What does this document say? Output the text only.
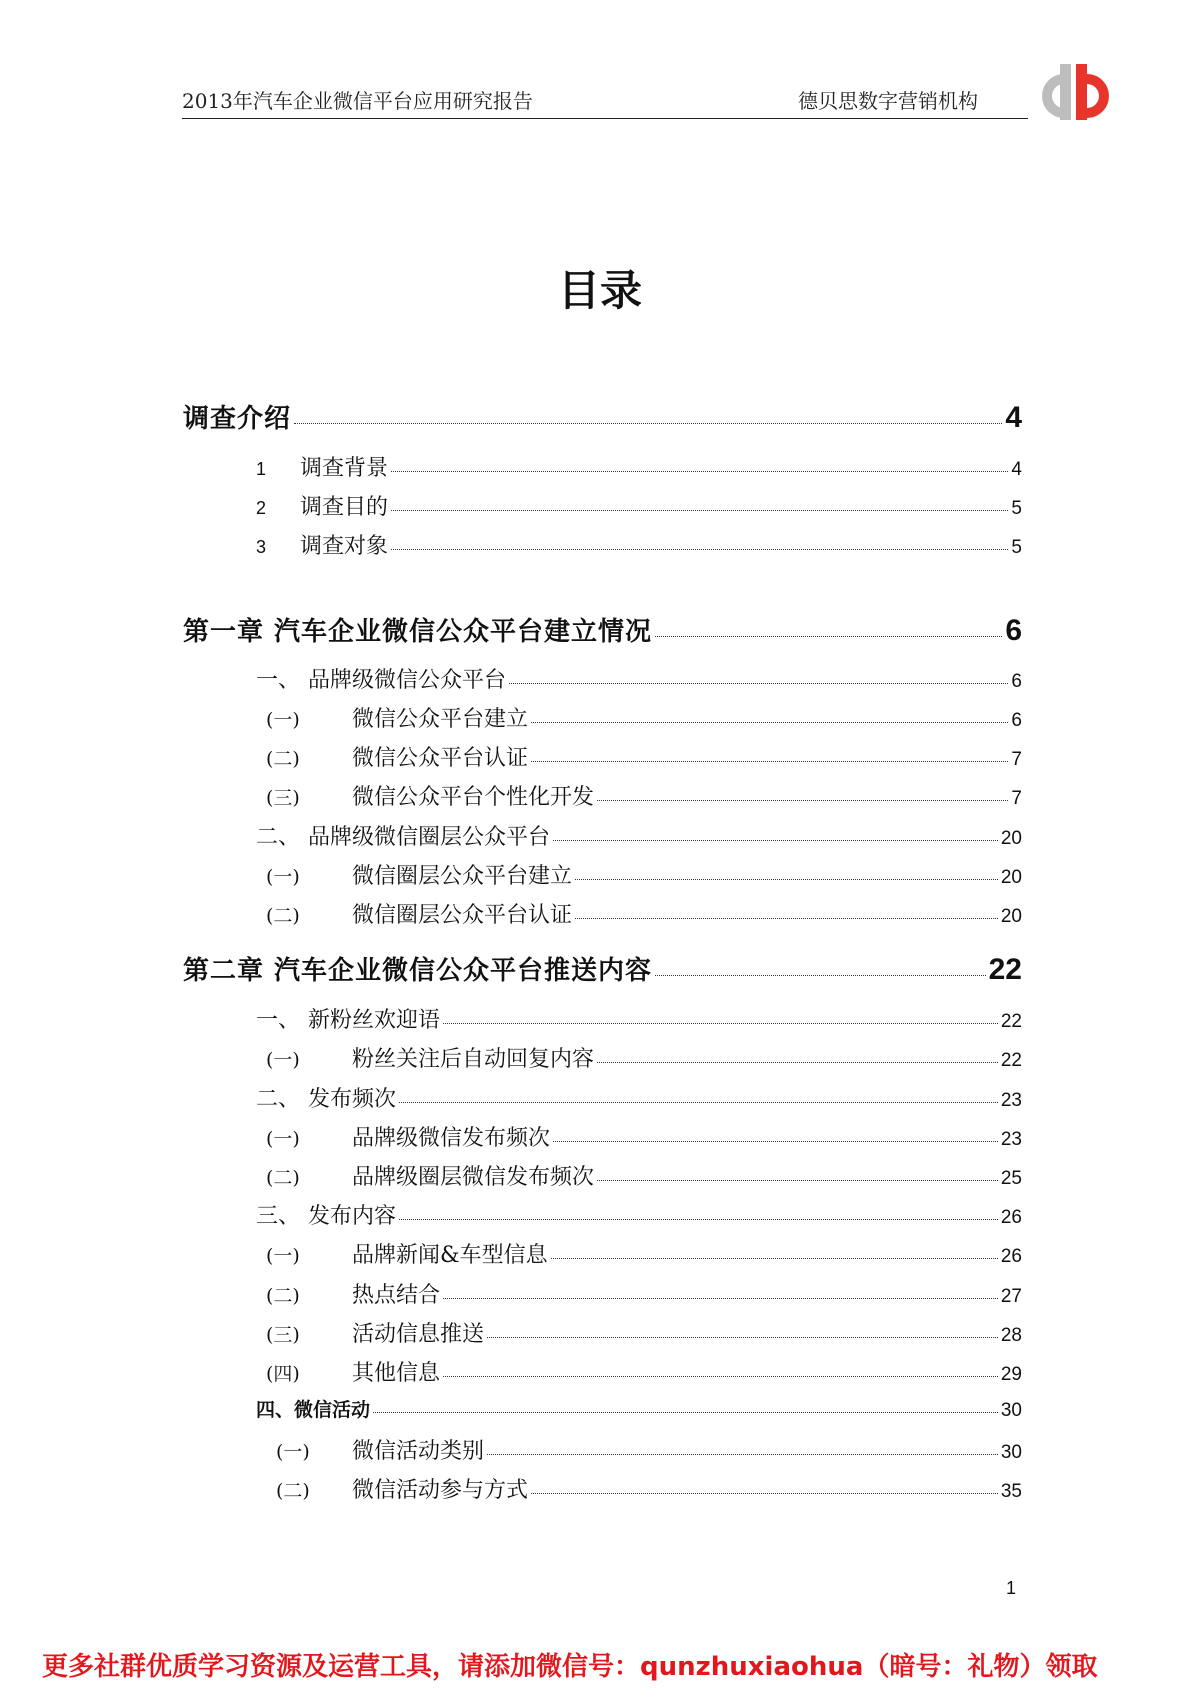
2013年汽车企业微信平台应用研究报告	德贝思数字营销机构
目录
调查介绍	4
1	调查背景	4
2	调查目的	5
3	调查对象	5
第一章 汽车企业微信公众平台建立情况	6
一、 品牌级微信公众平台	6
(一)	微信公众平台建立	6
(二)	微信公众平台认证	7
(三)	微信公众平台个性化开发	7
二、 品牌级微信圈层公众平台	20
(一)	微信圈层公众平台建立	20
(二)	微信圈层公众平台认证	20
第二章 汽车企业微信公众平台推送内容	22
一、 新粉丝欢迎语	22
(一)	粉丝关注后自动回复内容	22
二、 发布频次	23
(一)	品牌级微信发布频次	23
(二)	品牌级圈层微信发布频次	25
三、 发布内容	26
(一)	品牌新闻&车型信息	26
(二)	热点结合	27
(三)	活动信息推送	28
(四)	其他信息	29
四、微信活动	30
(一)	微信活动类别	30
(二)	微信活动参与方式	35
1
更多社群优质学习资源及运营工具，请添加微信号：qunzhuxiaohua（暗号：礼物）领取
